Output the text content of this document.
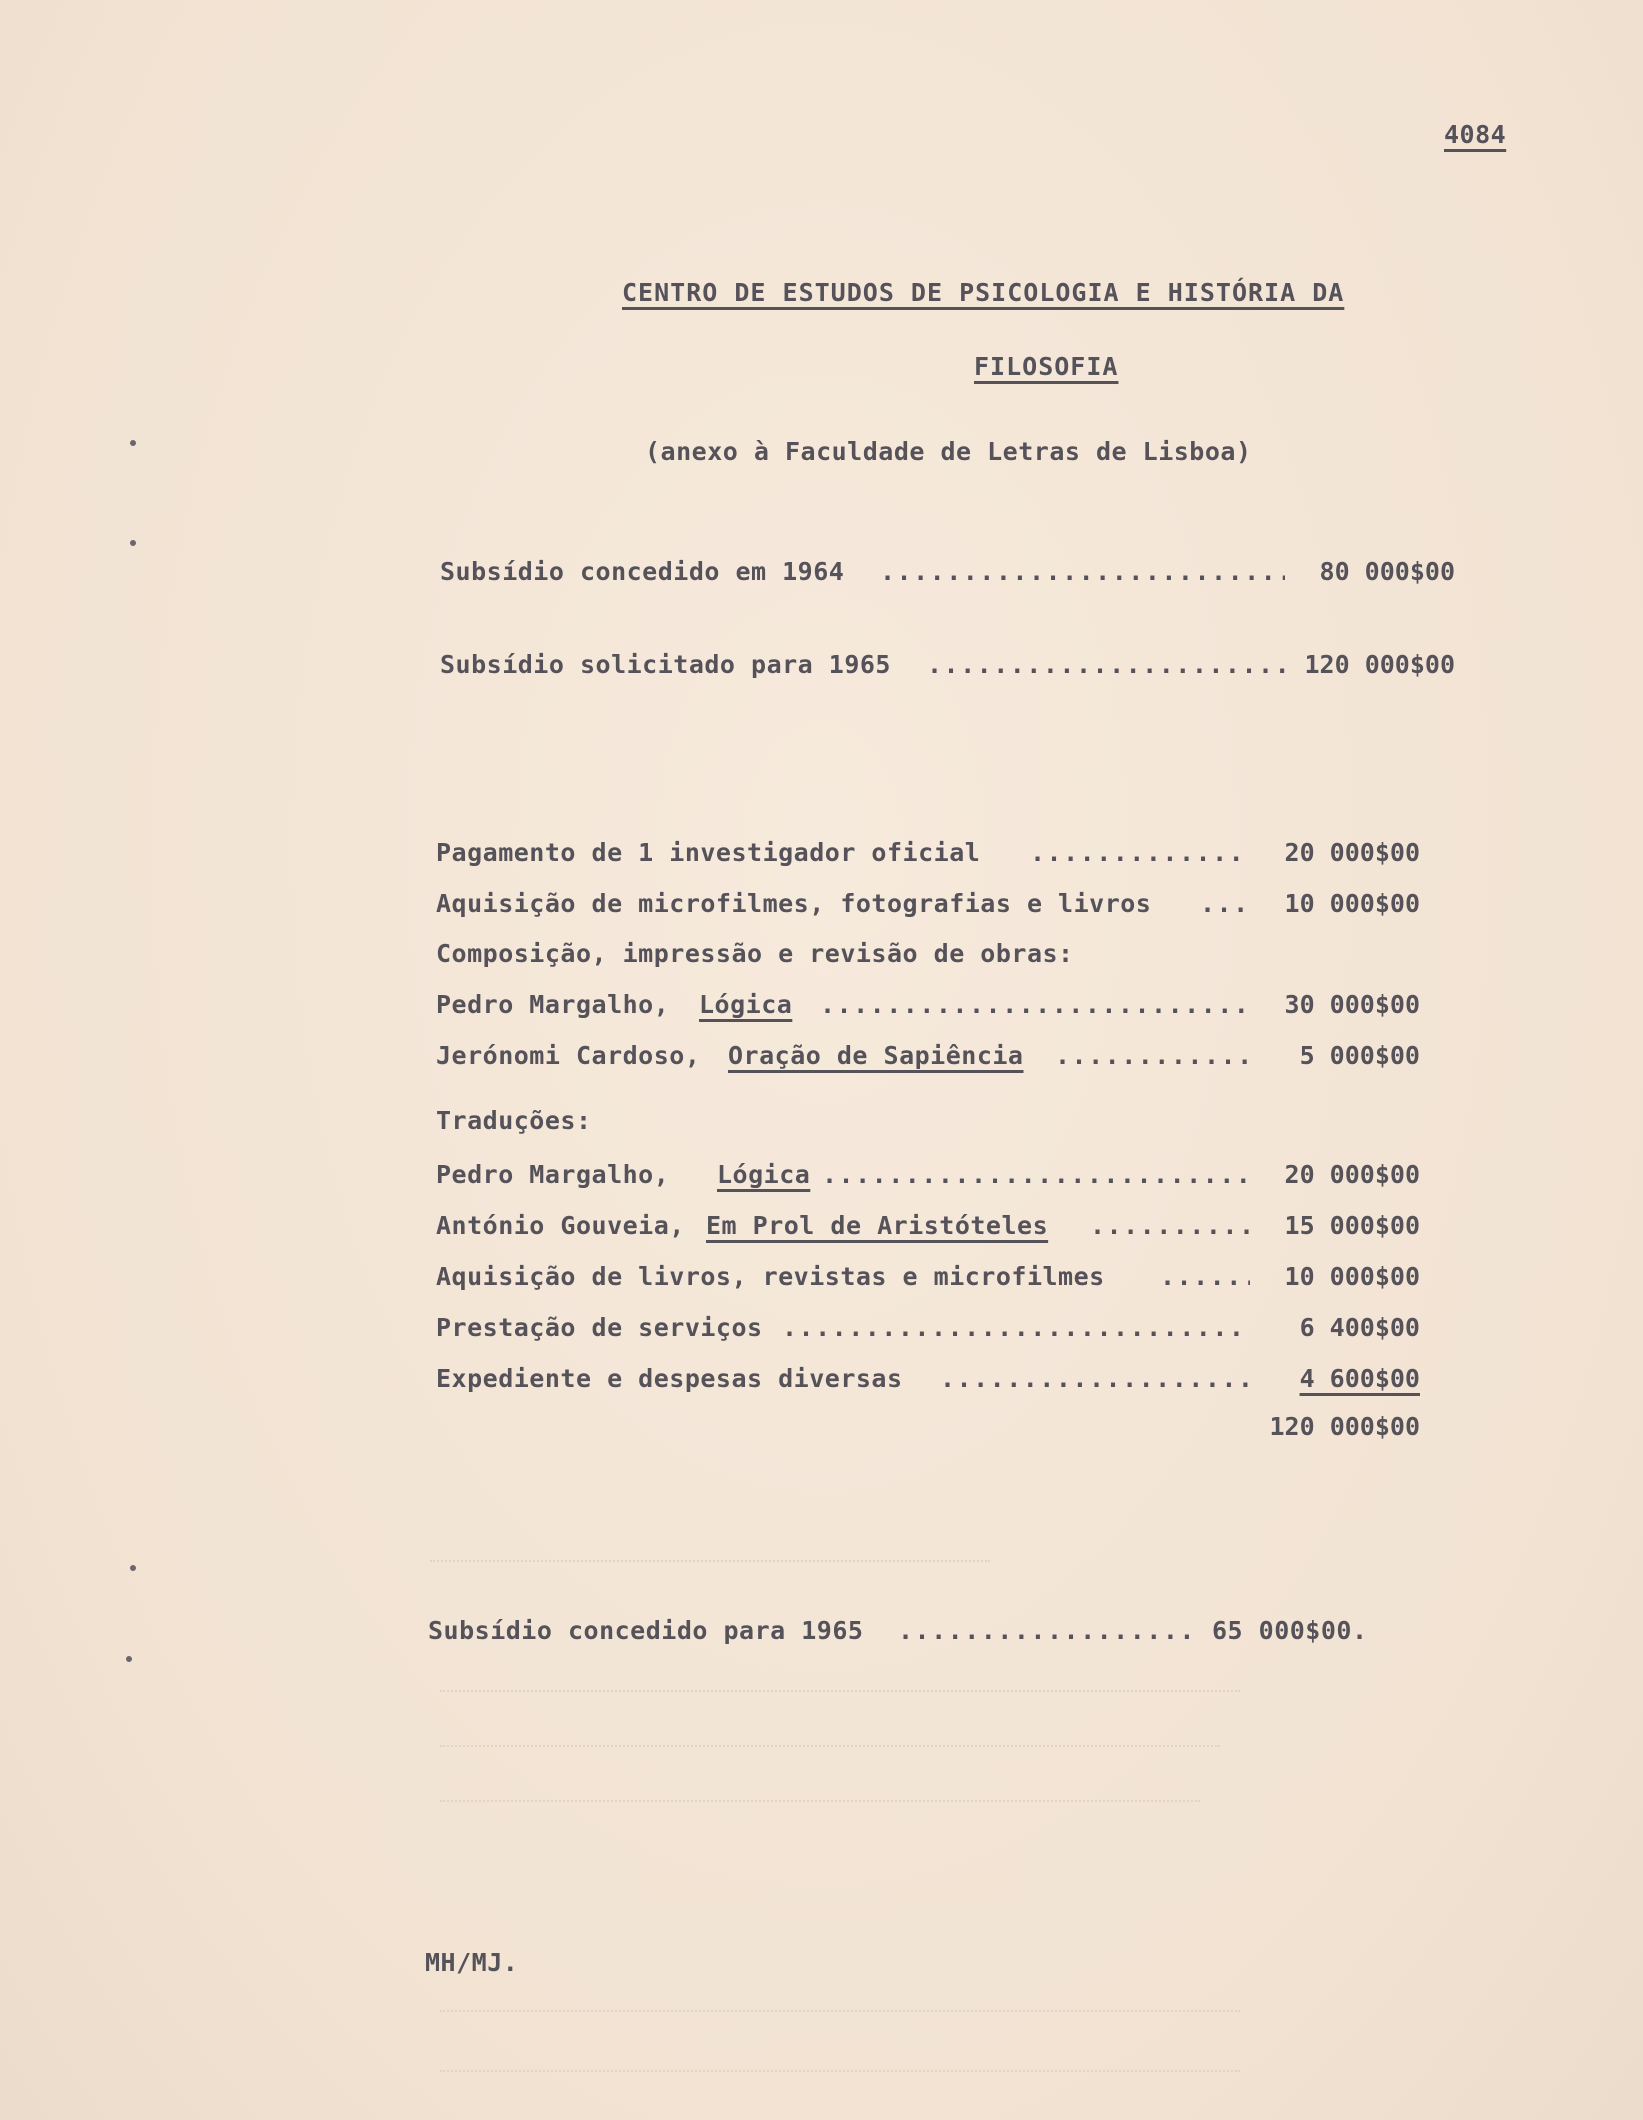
4084
CENTRO DE ESTUDOS DE PSICOLOGIA E HISTÓRIA DA
FILOSOFIA
(anexo à Faculdade de Letras de Lisboa)
Subsídio concedido em 1964 .....	80 000$00
Subsídio solicitado para 1965 .....	120 000$00
Pagamento de 1 investigador oficial .....	20 000$00
Aquisição de microfilmes, fotografias e livros .....	10 000$00
Composição, impressão e revisão de obras:
Pedro Margalho, Lógica .....	30 000$00
Jerónomi Cardoso, Oração de Sapiência .....	5 000$00
Traduções:
Pedro Margalho, Lógica .....	20 000$00
António Gouveia, Em Prol de Aristóteles .....	15 000$00
Aquisição de livros, revistas e microfilmes .....	10 000$00
Prestação de serviços .....	6 400$00
Expediente e despesas diversas .....	4 600$00
120 000$00
Subsídio concedido para 1965 .....	65 000$00.
MH/MJ.
